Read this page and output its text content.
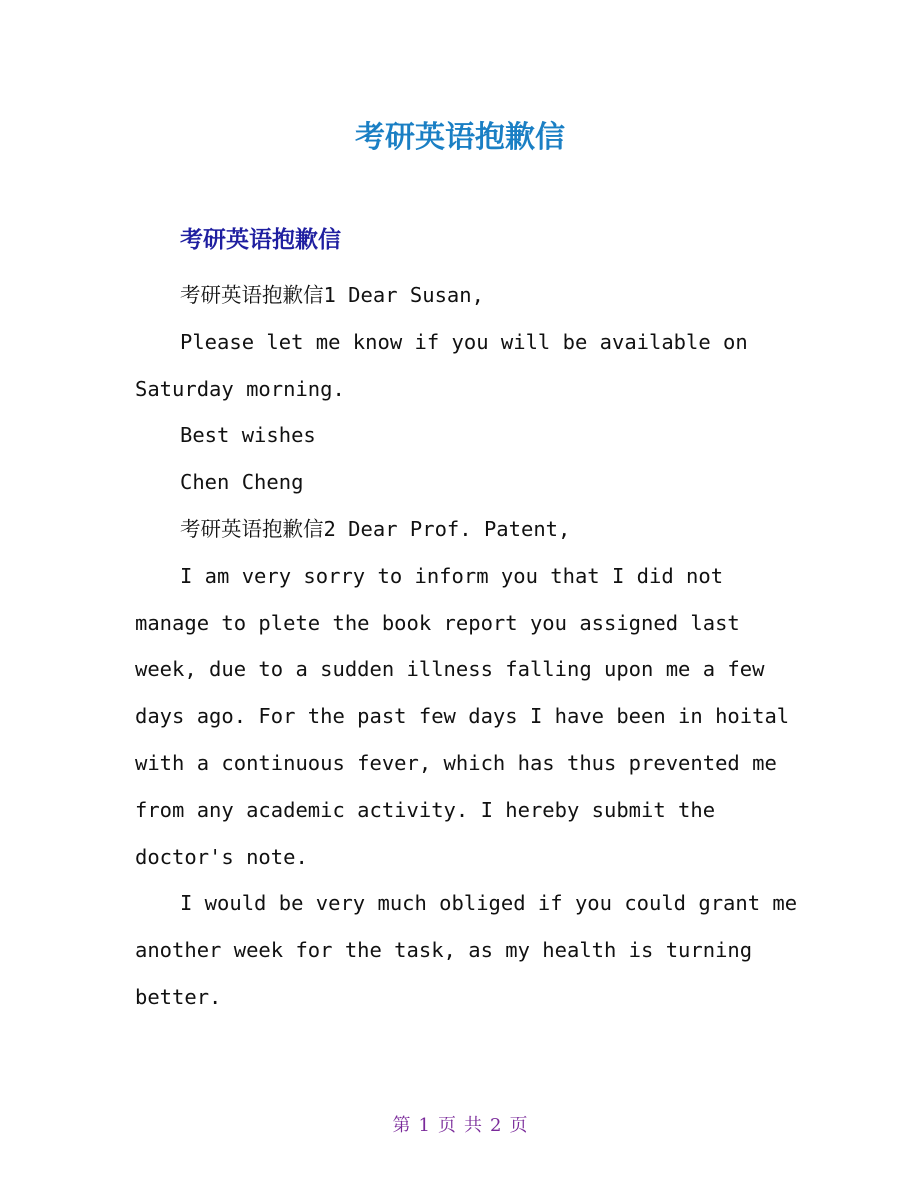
考研英语抱歉信
考研英语抱歉信
考研英语抱歉信1 Dear Susan,
Please let me know if you will be available on
Saturday morning.
Best wishes
Chen Cheng
考研英语抱歉信2 Dear Prof. Patent,
I am very sorry to inform you that I did not
manage to plete the book report you assigned last
week, due to a sudden illness falling upon me a few
days ago. For the past few days I have been in hoital
with a continuous fever, which has thus prevented me
from any academic activity. I hereby submit the
doctor's note.
I would be very much obliged if you could grant me
another week for the task, as my health is turning
better.
第 1 页 共 2 页
